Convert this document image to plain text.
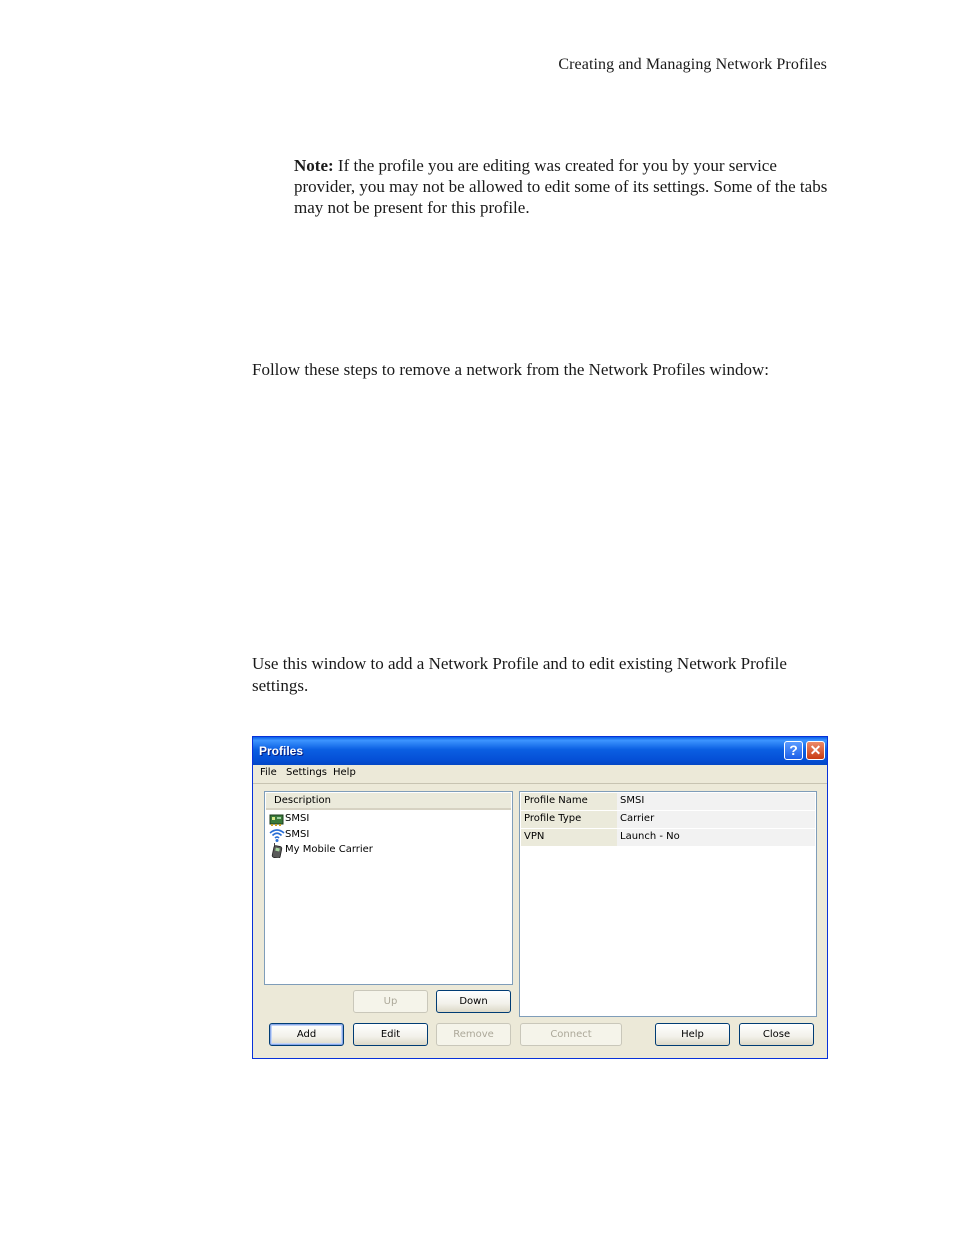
Creating and Managing Network Profiles
Note: If the profile you are editing was created for you by your service provider, you may not be allowed to edit some of its settings. Some of the tabs may not be present for this profile.
Follow these steps to remove a network from the Network Profiles window:
Use this window to add a Network Profile and to edit existing Network Profile settings.
Profiles	? ✕
File Settings Help
Description
SMSI
SMSI
My Mobile Carrier
Profile Name	SMSI
Profile Type	Carrier
VPN	Launch - No
Up	Down
Add	Edit	Remove	Connect	Help	Close
